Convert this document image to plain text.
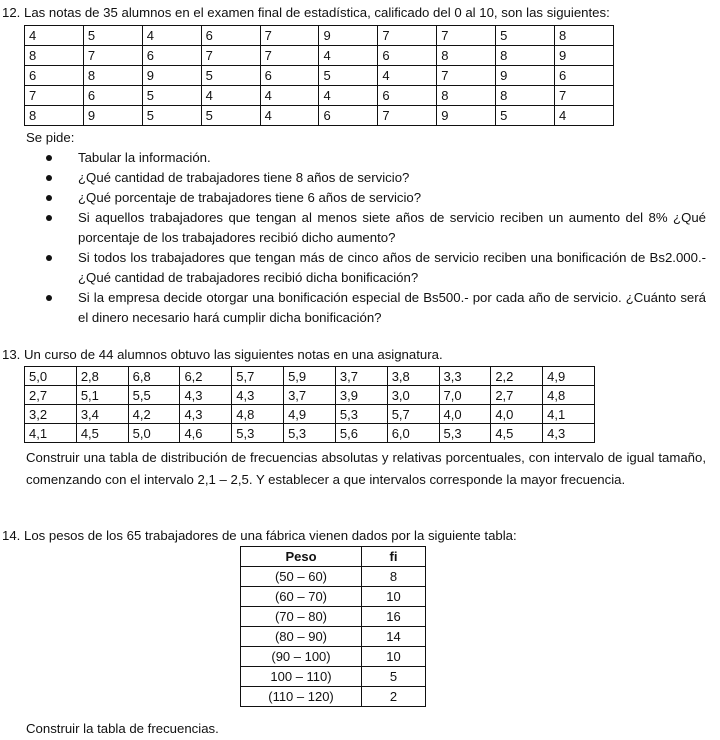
12. Las notas de 35 alumnos en el examen final de estadística, calificado del 0 al 10, son las siguientes:
4	5	4	6	7	9	7	7	5	8
8	7	6	7	7	4	6	8	8	9
6	8	9	5	6	5	4	7	9	6
7	6	5	4	4	4	6	8	8	7
8	9	5	5	4	6	7	9	5	4
Se pide:
Tabular la información.
¿Qué cantidad de trabajadores tiene 8 años de servicio?
¿Qué porcentaje de trabajadores tiene 6 años de servicio?
Si aquellos trabajadores que tengan al menos siete años de servicio reciben un aumento del 8% ¿Qué porcentaje de los trabajadores recibió dicho aumento?
Si todos los trabajadores que tengan más de cinco años de servicio reciben una bonificación de Bs2.000.- ¿Qué cantidad de trabajadores recibió dicha bonificación?
Si la empresa decide otorgar una bonificación especial de Bs500.- por cada año de servicio. ¿Cuánto será el dinero necesario hará cumplir dicha bonificación?
13. Un curso de 44 alumnos obtuvo las siguientes notas en una asignatura.
5,0	2,8	6,8	6,2	5,7	5,9	3,7	3,8	3,3	2,2	4,9
2,7	5,1	5,5	4,3	4,3	3,7	3,9	3,0	7,0	2,7	4,8
3,2	3,4	4,2	4,3	4,8	4,9	5,3	5,7	4,0	4,0	4,1
4,1	4,5	5,0	4,6	5,3	5,3	5,6	6,0	5,3	4,5	4,3
Construir una tabla de distribución de frecuencias absolutas y relativas porcentuales, con intervalo de igual tamaño, comenzando con el intervalo 2,1 – 2,5. Y establecer a que intervalos corresponde la mayor frecuencia.
14. Los pesos de los 65 trabajadores de una fábrica vienen dados por la siguiente tabla:
Peso	fi
(50 – 60)	8
(60 – 70)	10
(70 – 80)	16
(80 – 90)	14
(90 – 100)	10
100 – 110)	5
(110 – 120)	2
Construir la tabla de frecuencias.
